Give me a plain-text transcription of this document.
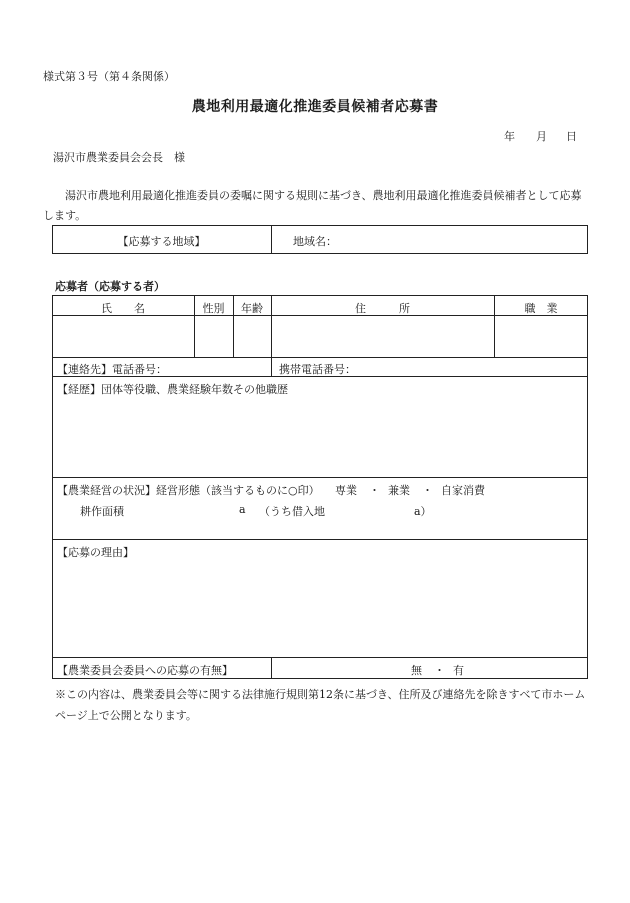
様式第３号（第４条関係）
農地利用最適化推進委員候補者応募書
年 月 日
湯沢市農業委員会会長　様
湯沢市農地利用最適化推進委員の委嘱に関する規則に基づき、農地利用最適化推進委員候補者として応募します。
【応募する地域】	地域名：
応募者（応募する者）
氏　　名	性別	年齢	住　　　所	職　業
【連絡先】電話番号：	携帯電話番号：
【経歴】団体等役職、農業経験年数その他職歴
【農業経営の状況】経営形態（該当するものに○印） 専業 ・ 兼業 ・ 自家消費
耕作面積	a （うち借入地	a）
【応募の理由】
【農業委員会委員への応募の有無】	無 ・ 有
※この内容は、農業委員会等に関する法律施行規則第12条に基づき、住所及び連絡先を除きすべて市ホームページ上で公開となります。
